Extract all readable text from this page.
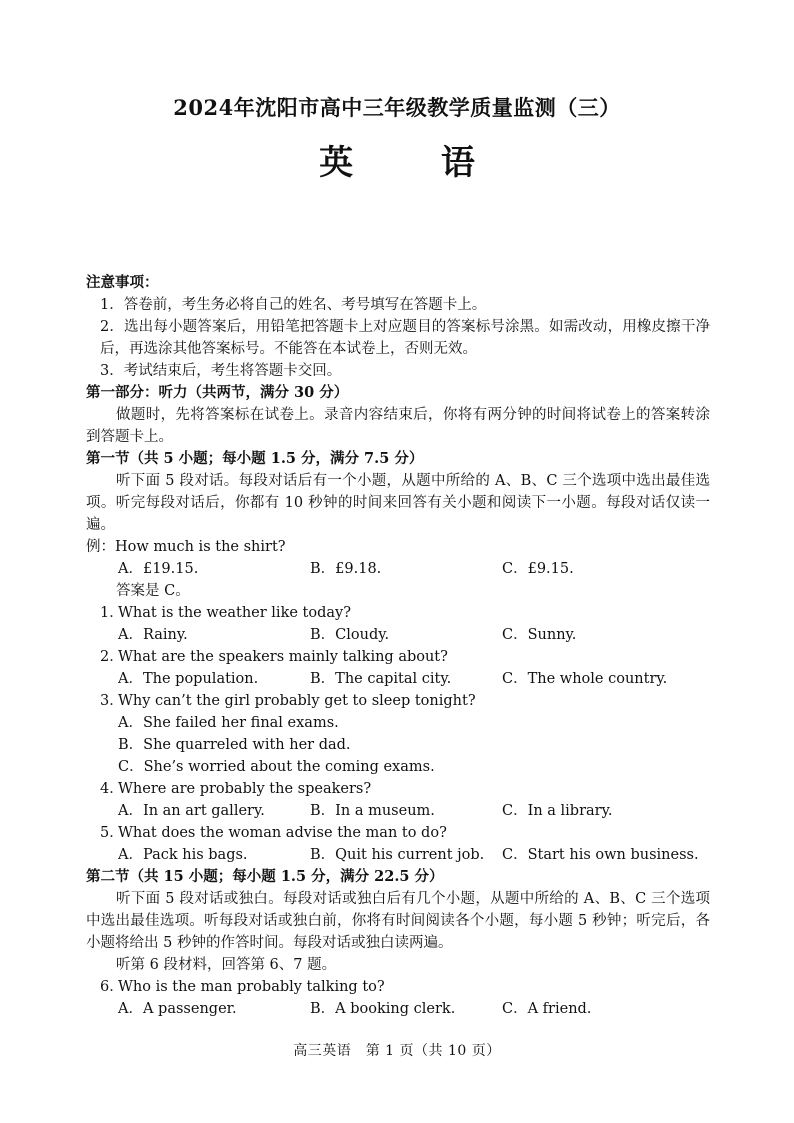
2024年沈阳市高中三年级教学质量监测（三）
英 语
注意事项：
1．答卷前，考生务必将自己的姓名、考号填写在答题卡上。
2．选出每小题答案后，用铅笔把答题卡上对应题目的答案标号涂黑。如需改动，用橡皮擦干净后，再选涂其他答案标号。不能答在本试卷上，否则无效。
3．考试结束后，考生将答题卡交回。
第一部分：听力（共两节，满分 30 分）
做题时，先将答案标在试卷上。录音内容结束后，你将有两分钟的时间将试卷上的答案转涂到答题卡上。
第一节（共 5 小题；每小题 1.5 分，满分 7.5 分）
听下面 5 段对话。每段对话后有一个小题，从题中所给的 A、B、C 三个选项中选出最佳选项。听完每段对话后，你都有 10 秒钟的时间来回答有关小题和阅读下一小题。每段对话仅读一遍。
例：How much is the shirt?
A．£19.15.	B．£9.18.	C．£9.15.
答案是 C。
1．What is the weather like today?
A．Rainy.	B．Cloudy.	C．Sunny.
2．What are the speakers mainly talking about?
A．The population.	B．The capital city.	C．The whole country.
3．Why can’t the girl probably get to sleep tonight?
A．She failed her final exams.
B．She quarreled with her dad.
C．She’s worried about the coming exams.
4．Where are probably the speakers?
A．In an art gallery.	B．In a museum.	C．In a library.
5．What does the woman advise the man to do?
A．Pack his bags.	B．Quit his current job.	C．Start his own business.
第二节（共 15 小题；每小题 1.5 分，满分 22.5 分）
听下面 5 段对话或独白。每段对话或独白后有几个小题，从题中所给的 A、B、C 三个选项中选出最佳选项。听每段对话或独白前，你将有时间阅读各个小题，每小题 5 秒钟；听完后，各小题将给出 5 秒钟的作答时间。每段对话或独白读两遍。
听第 6 段材料，回答第 6、7 题。
6．Who is the man probably talking to?
A．A passenger.	B．A booking clerk.	C．A friend.
高三英语　第 1 页（共 10 页）
